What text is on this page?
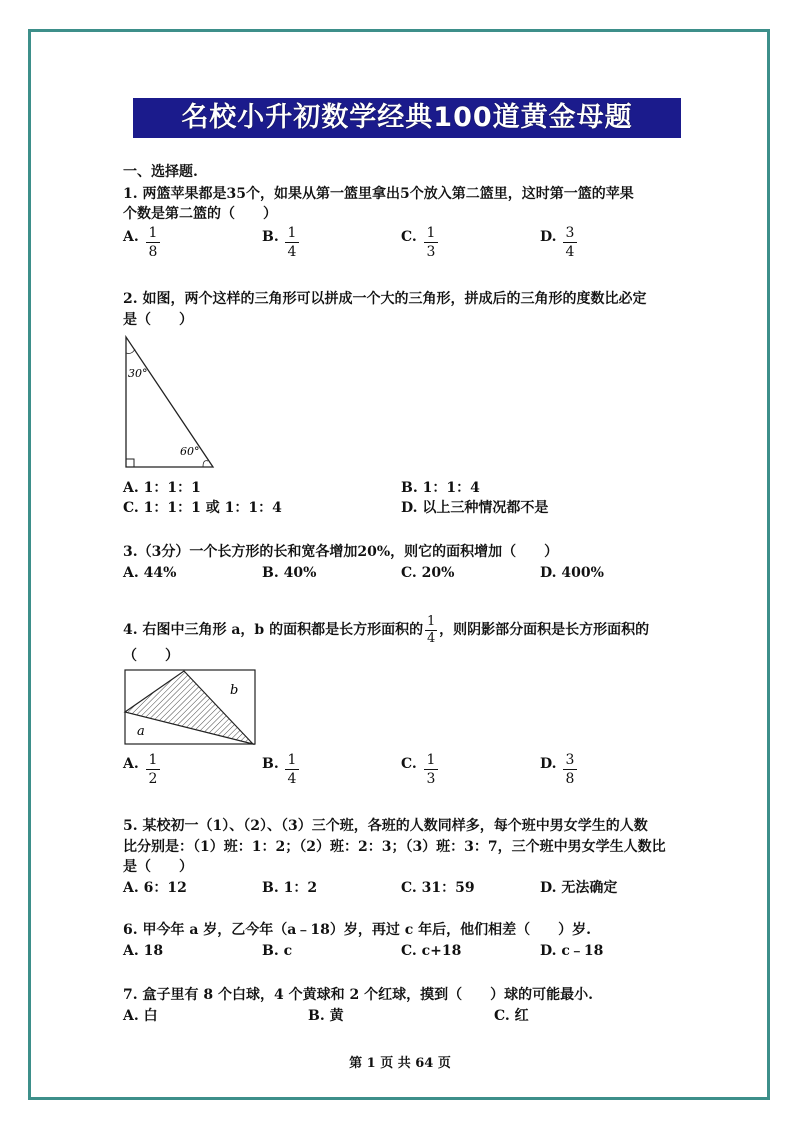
名校小升初数学经典100道黄金母题
一、选择题.
1. 两篮苹果都是35个，如果从第一篮里拿出5个放入第二篮里，这时第一篮的苹果
个数是第二篮的（　　）
A. 1
8
B. 1
4
C. 1
3
D. 3
4
2. 如图，两个这样的三角形可以拼成一个大的三角形，拼成后的三角形的度数比必定
是（　　）
30°
60°
A. 1：1：1	B. 1：1：4
C. 1：1：1 或 1：1：4	D. 以上三种情况都不是
3.（3分）一个长方形的长和宽各增加20%，则它的面积增加（　　）
A. 44%	B. 40%	C. 20%	D. 400%
4. 右图中三角形 a，b 的面积都是长方形面积的 $\frac{1}{4}$ ，则阴影部分面积是长方形面积的
（　　）
a
b
A. 1
2
B. 1
4
C. 1
3
D. 3
8
5. 某校初一（1）、（2）、（3）三个班，各班的人数同样多，每个班中男女学生的人数
比分别是：（1）班：1：2；（2）班：2：3；（3）班：3：7，三个班中男女学生人数比
是（　　）
A. 6：12	B. 1：2	C. 31：59	D. 无法确定
6. 甲今年 a 岁，乙今年（a﹣18）岁，再过 c 年后，他们相差（　　）岁.
A. 18	B. c	C. c+18	D. c﹣18
7. 盒子里有 8 个白球，4 个黄球和 2 个红球，摸到（　　）球的可能最小.
A. 白	B. 黄	C. 红
第 1 页 共 64 页
